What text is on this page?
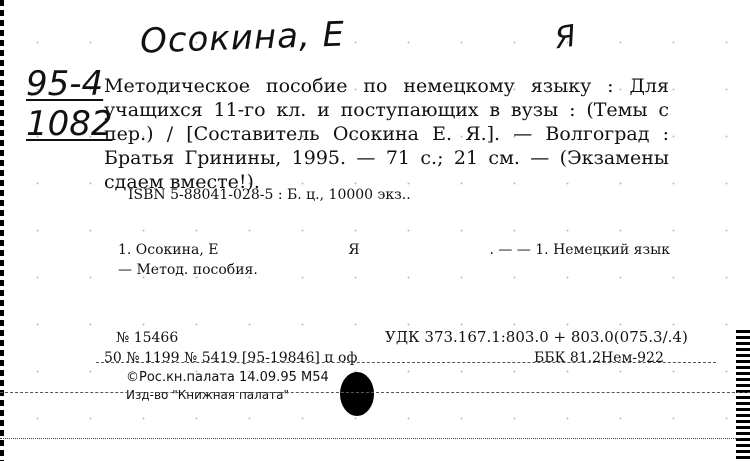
Осокина, Е	Я
95-4
1082
Методическое пособие по немецкому языку : Для учащихся 11-го кл. и поступающих в вузы : (Темы с пер.) / [Составитель Осокина Е. Я.]. — Волгоград : Братья Гринины, 1995. — 71 с.; 21 см. — (Экзамены сдаем вместе!).
ISBN 5-88041-028-5 : Б. ц., 10000 экз..
1. Осокина, Е	Я	. — — 1. Немецкий язык
— Метод. пособия.
№ 15466	УДК 373.167.1:803.0 + 803.0(075.3/.4)
50 № 1199 № 5419 [95-19846] п оф	ББК 81.2Нем-922
©Рос.кн.палата 14.09.95 М54
Изд-во "Книжная палата"
